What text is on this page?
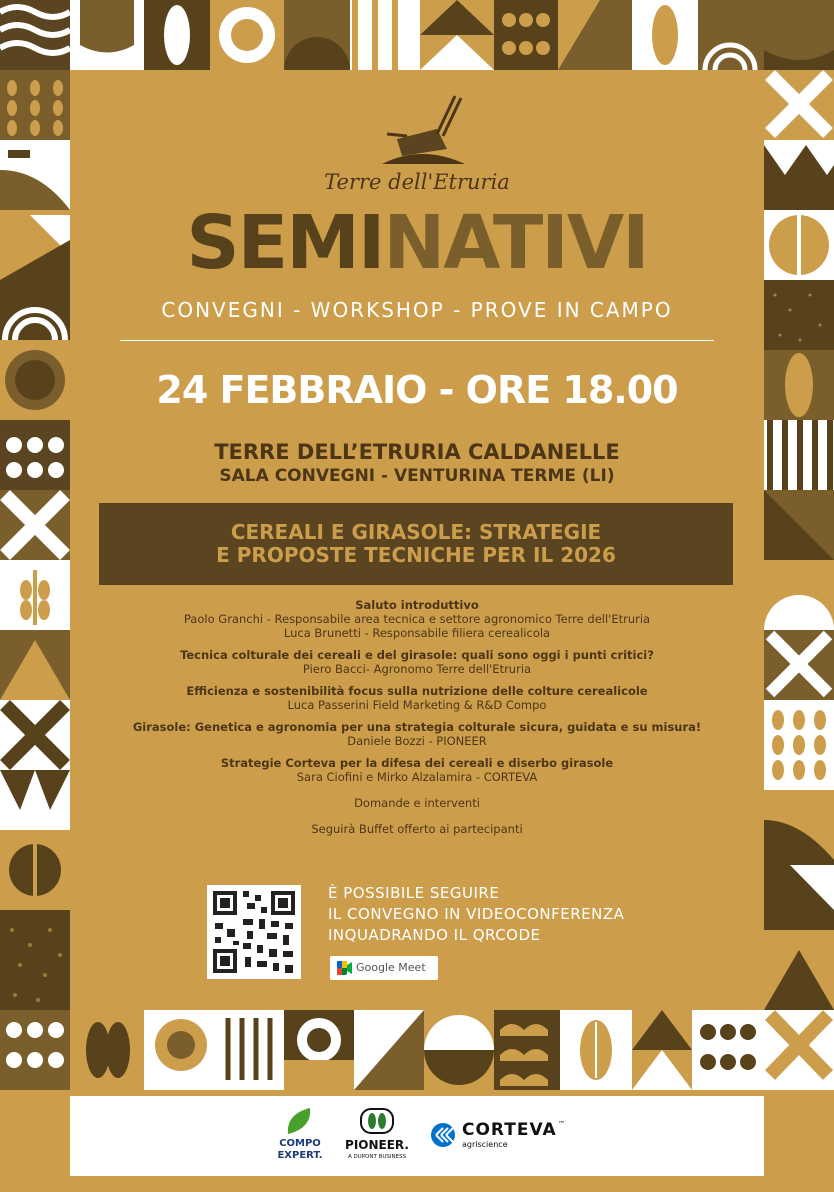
Terre dell'Etruria
SEMINATIVI
CONVEGNI - WORKSHOP - PROVE IN CAMPO
24 FEBBRAIO - ORE 18.00
TERRE DELL’ETRURIA CALDANELLE
SALA CONVEGNI - VENTURINA TERME (LI)
CEREALI E GIRASOLE: STRATEGIE
E PROPOSTE TECNICHE PER IL 2026
Saluto introduttivo
Paolo Granchi - Responsabile area tecnica e settore agronomico Terre dell'Etruria
Luca Brunetti - Responsabile filiera cerealicola
Tecnica colturale dei cereali e del girasole: quali sono oggi i punti critici?
Piero Bacci- Agronomo Terre dell'Etruria
Efficienza e sostenibilità focus sulla nutrizione delle colture cerealicole
Luca Passerini Field Marketing & R&D Compo
Girasole: Genetica e agronomia per una strategia colturale sicura, guidata e su misura!
Daniele Bozzi - PIONEER
Strategie Corteva per la difesa dei cereali e diserbo girasole
Sara Ciofini e Mirko Alzalamira - CORTEVA
Domande e interventi
Seguirà Buffet offerto ai partecipanti
È POSSIBILE SEGUIRE
IL CONVEGNO IN VIDEOCONFERENZA
INQUADRANDO IL QRCODE
Google Meet
COMPO
EXPERT.
PIONEER.
A DUPONT BUSINESS
CORTEVA ™
agriscience
